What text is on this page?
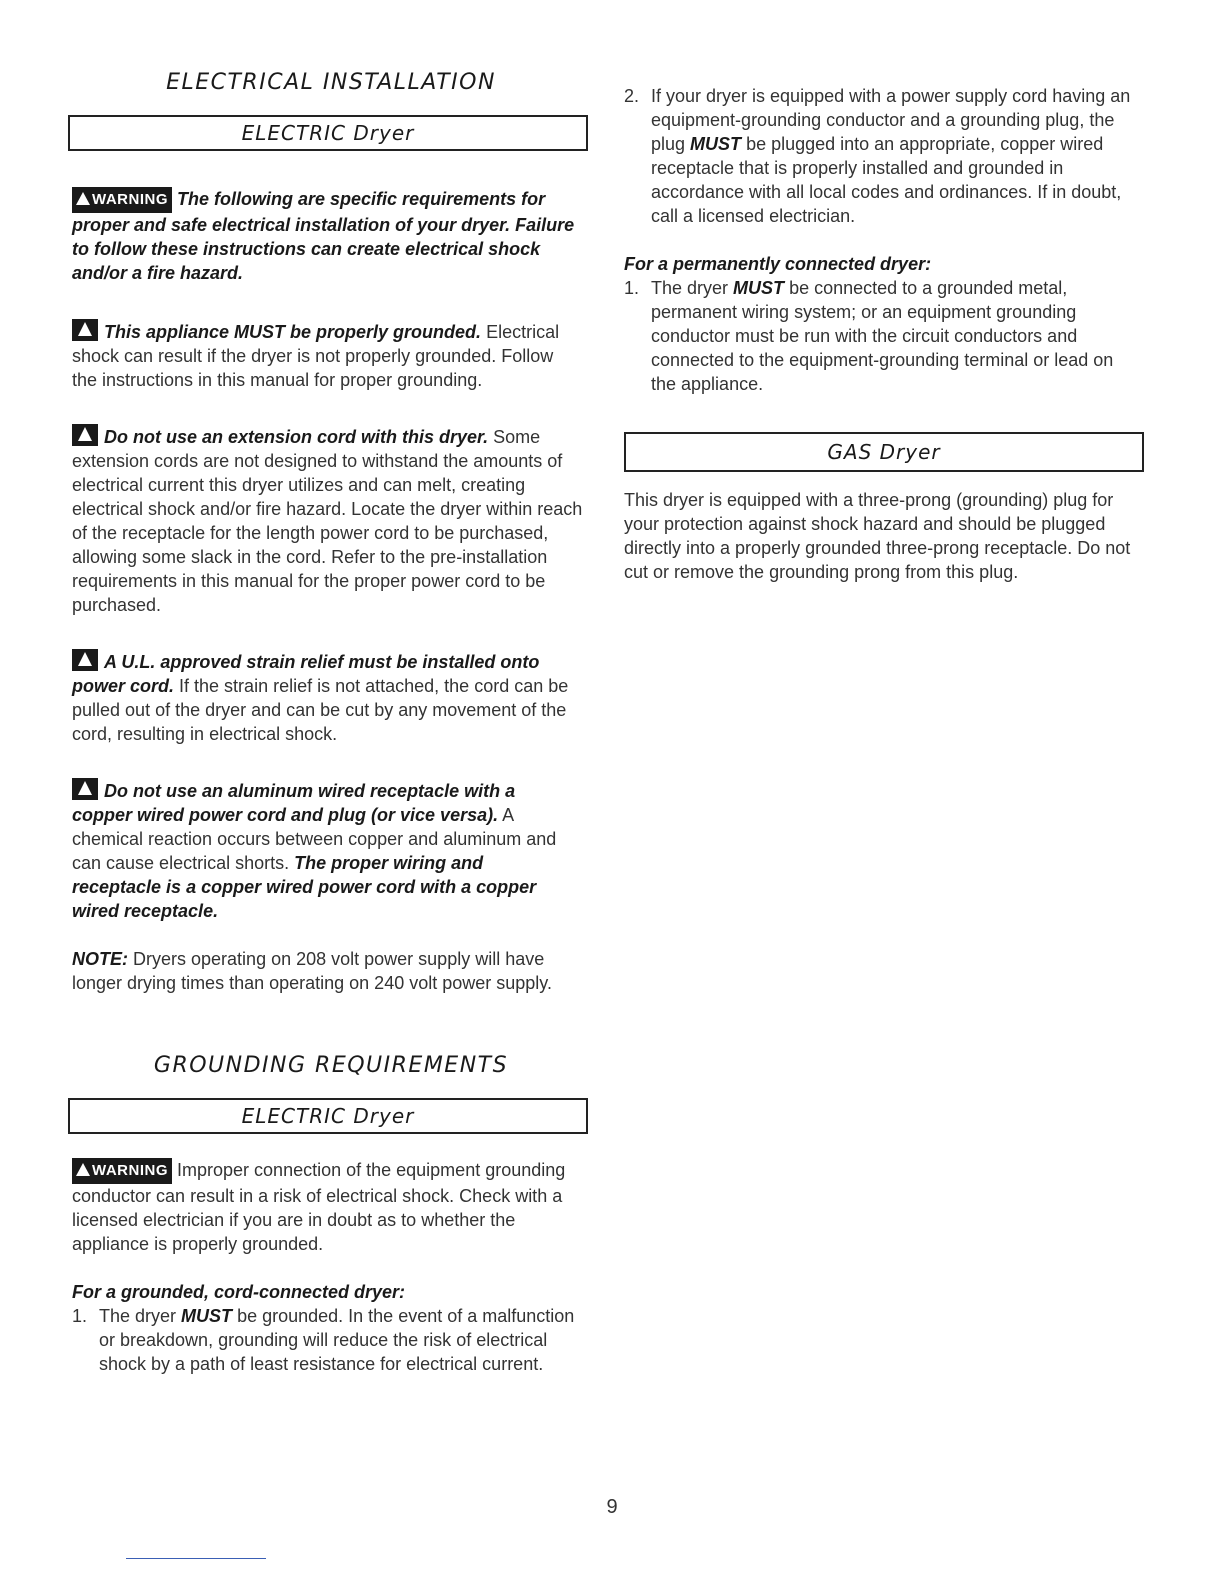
ELECTRICAL INSTALLATION
ELECTRIC Dryer

WARNING The following are specific requirements for proper and safe electrical installation of your dryer. Failure to follow these instructions can create electrical shock and/or a fire hazard.

This appliance MUST be properly grounded. Electrical shock can result if the dryer is not properly grounded. Follow the instructions in this manual for proper grounding.

Do not use an extension cord with this dryer. Some extension cords are not designed to withstand the amounts of electrical current this dryer utilizes and can melt, creating electrical shock and/or fire hazard. Locate the dryer within reach of the receptacle for the length power cord to be purchased, allowing some slack in the cord. Refer to the pre-installation requirements in this manual for the proper power cord to be purchased.

A U.L. approved strain relief must be installed onto power cord. If the strain relief is not attached, the cord can be pulled out of the dryer and can be cut by any movement of the cord, resulting in electrical shock.

Do not use an aluminum wired receptacle with a copper wired power cord and plug (or vice versa). A chemical reaction occurs between copper and aluminum and can cause electrical shorts. The proper wiring and receptacle is a copper wired power cord with a copper wired receptacle.

NOTE: Dryers operating on 208 volt power supply will have longer drying times than operating on 240 volt power supply.

GROUNDING REQUIREMENTS
ELECTRIC Dryer

WARNING Improper connection of the equipment grounding conductor can result in a risk of electrical shock. Check with a licensed electrician if you are in doubt as to whether the appliance is properly grounded.

For a grounded, cord-connected dryer:

1. The dryer MUST be grounded. In the event of a malfunction or breakdown, grounding will reduce the risk of electrical shock by a path of least resistance for electrical current.
2. If your dryer is equipped with a power supply cord having an equipment-grounding conductor and a grounding plug, the plug MUST be plugged into an appropriate, copper wired receptacle that is properly installed and grounded in accordance with all local codes and ordinances. If in doubt, call a licensed electrician.

For a permanently connected dryer:

1. The dryer MUST be connected to a grounded metal, permanent wiring system; or an equipment grounding conductor must be run with the circuit conductors and connected to the equipment-grounding terminal or lead on the appliance.
GAS Dryer

This dryer is equipped with a three-prong (grounding) plug for your protection against shock hazard and should be plugged directly into a properly grounded three-prong receptacle. Do not cut or remove the grounding prong from this plug.

9
